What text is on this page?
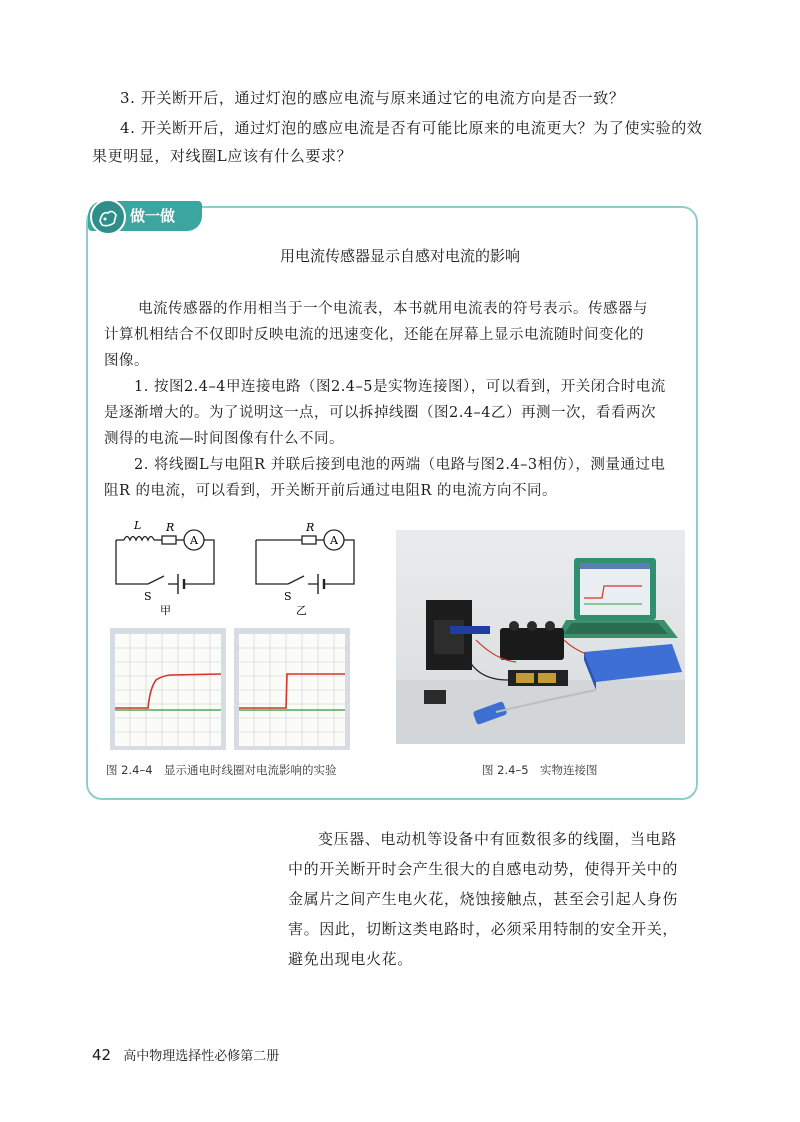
3. 开关断开后，通过灯泡的感应电流与原来通过它的电流方向是否一致？
4. 开关断开后，通过灯泡的感应电流是否有可能比原来的电流更大？为了使实验的效
果更明显，对线圈L应该有什么要求？
做一做
用电流传感器显示自感对电流的影响
电流传感器的作用相当于一个电流表，本书就用电流表的符号表示。传感器与
计算机相结合不仅即时反映电流的迅速变化，还能在屏幕上显示电流随时间变化的
图像。
1. 按图2.4–4甲连接电路（图2.4–5是实物连接图），可以看到，开关闭合时电流
是逐渐增大的。为了说明这一点，可以拆掉线圈（图2.4–4乙）再测一次，看看两次
测得的电流—时间图像有什么不同。
2. 将线圈L与电阻R 并联后接到电池的两端（电路与图2.4–3相仿），测量通过电
阻R 的电流，可以看到，开关断开前后通过电阻R 的电流方向不同。
L R
A
S
甲
R
A
S
乙
图 2.4–4　显示通电时线圈对电流影响的实验	图 2.4–5　实物连接图
变压器、电动机等设备中有匝数很多的线圈，当电路
中的开关断开时会产生很大的自感电动势，使得开关中的
金属片之间产生电火花，烧蚀接触点，甚至会引起人身伤
害。因此，切断这类电路时，必须采用特制的安全开关，
避免出现电火花。
42 高中物理选择性必修第二册
